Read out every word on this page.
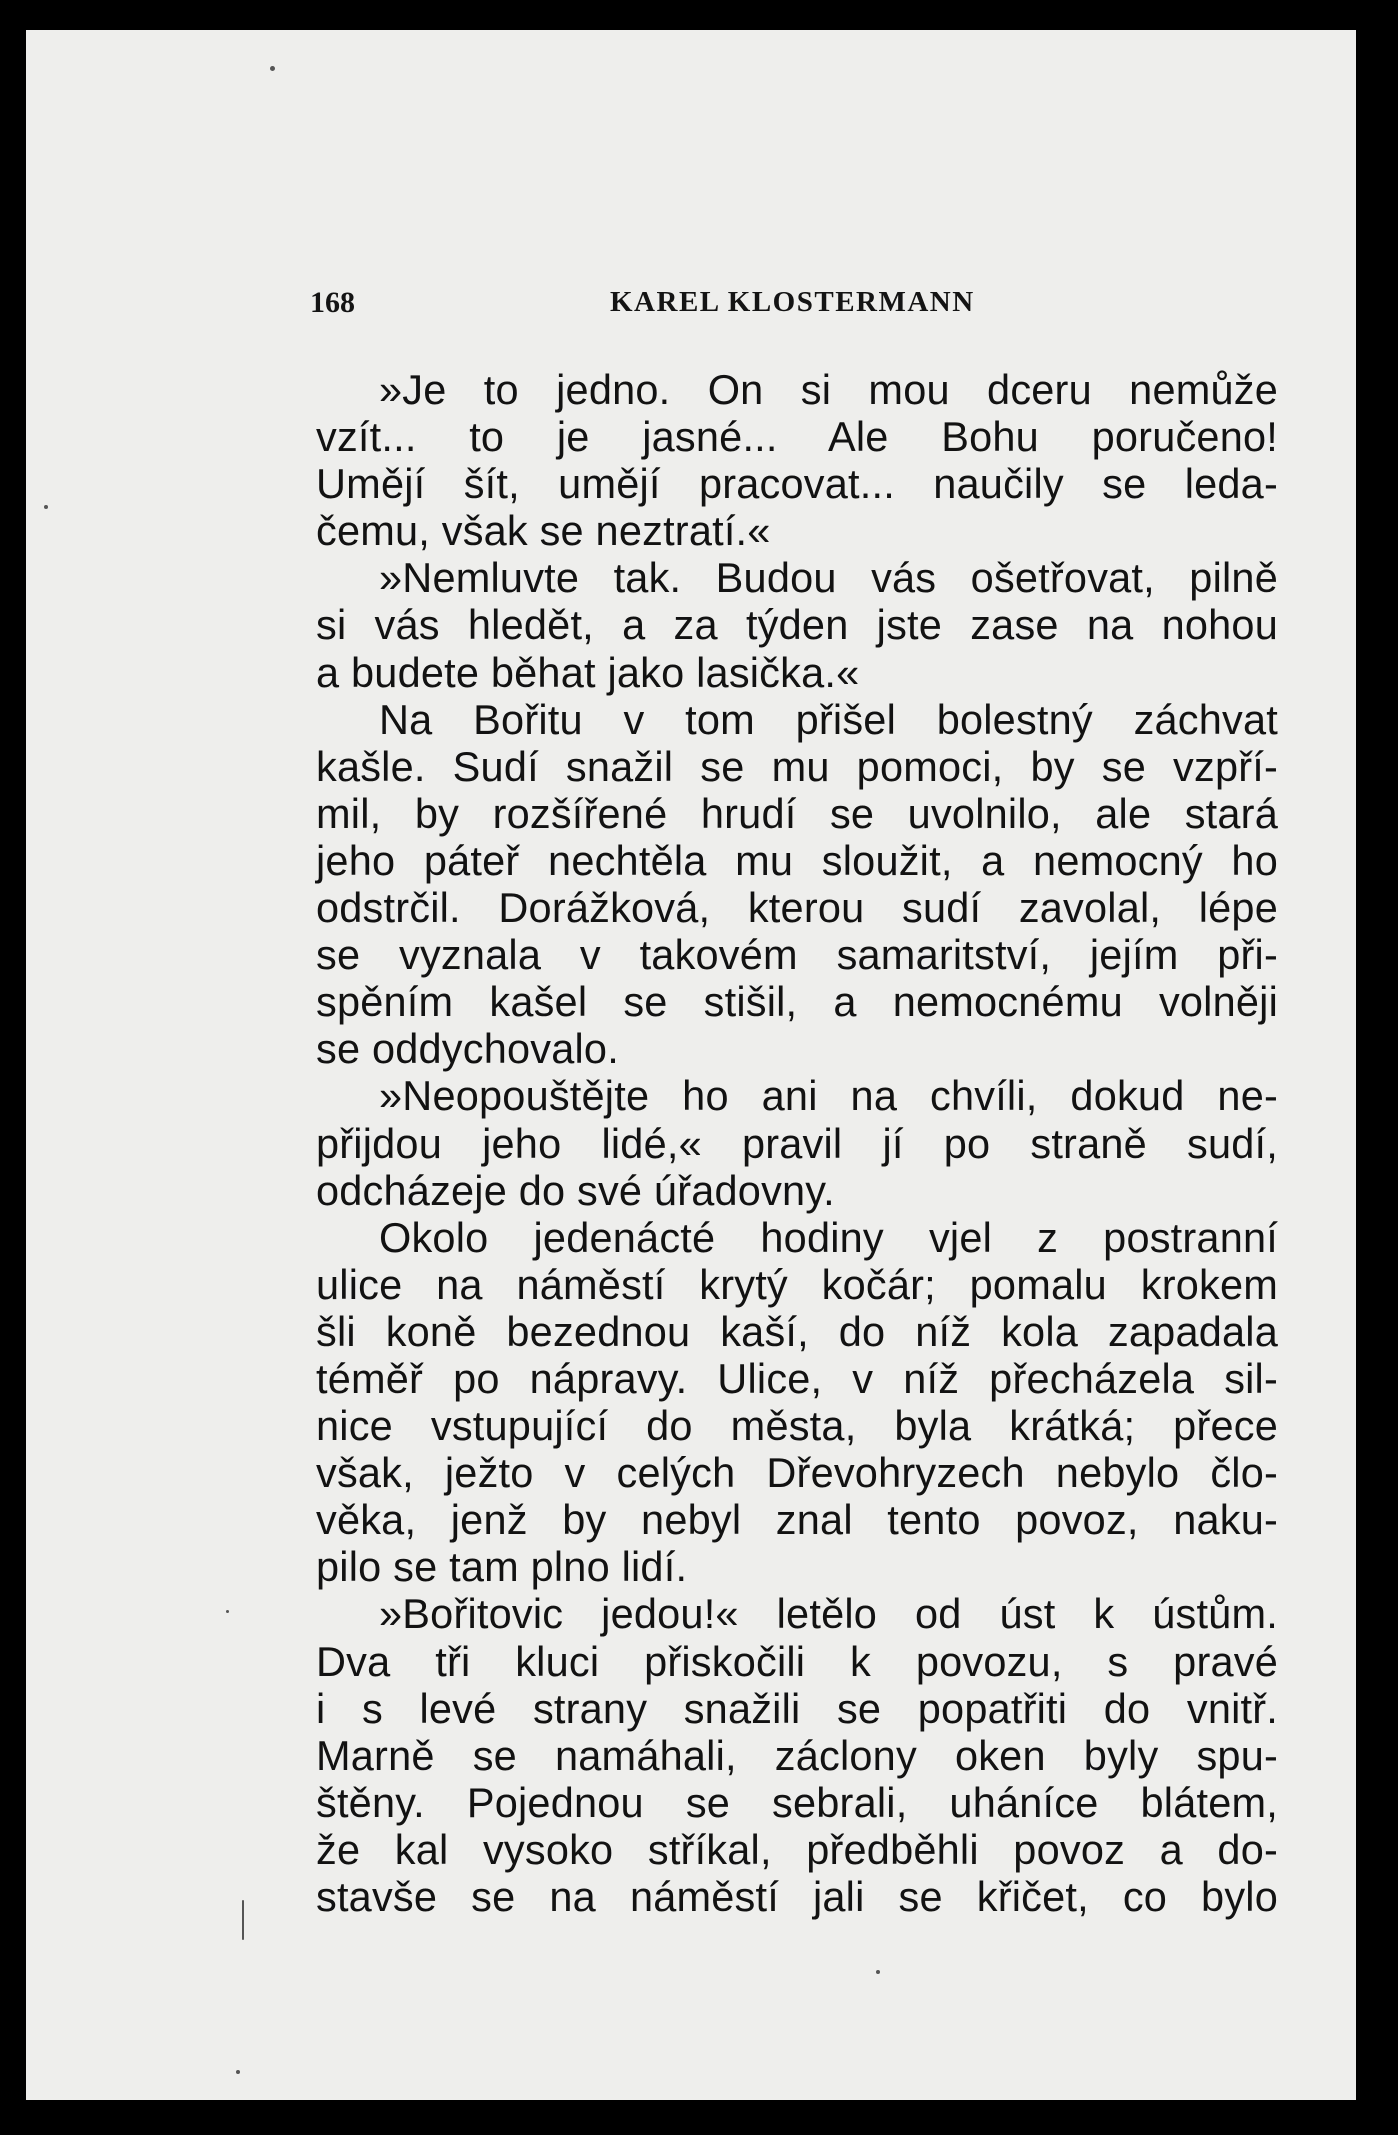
168	KAREL KLOSTERMANN
»Je to jedno. On si mou dceru nemůže
vzít... to je jasné... Ale Bohu poručeno!
Umějí šít, umějí pracovat... naučily se leda-
čemu, však se neztratí.«
»Nemluvte tak. Budou vás ošetřovat, pilně
si vás hledět, a za týden jste zase na nohou
a budete běhat jako lasička.«
Na Bořitu v tom přišel bolestný záchvat
kašle. Sudí snažil se mu pomoci, by se vzpří-
mil, by rozšířené hrudí se uvolnilo, ale stará
jeho páteř nechtěla mu sloužit, a nemocný ho
odstrčil. Dorážková, kterou sudí zavolal, lépe
se vyznala v takovém samaritství, jejím při-
spěním kašel se stišil, a nemocnému volněji
se oddychovalo.
»Neopouštějte ho ani na chvíli, dokud ne-
přijdou jeho lidé,« pravil jí po straně sudí,
odcházeje do své úřadovny.
Okolo jedenácté hodiny vjel z postranní
ulice na náměstí krytý kočár; pomalu krokem
šli koně bezednou kaší, do níž kola zapadala
téměř po nápravy. Ulice, v níž přecházela sil-
nice vstupující do města, byla krátká; přece
však, ježto v celých Dřevohryzech nebylo člo-
věka, jenž by nebyl znal tento povoz, naku-
pilo se tam plno lidí.
»Bořitovic jedou!« letělo od úst k ústům.
Dva tři kluci přiskočili k povozu, s pravé
i s levé strany snažili se popatřiti do vnitř.
Marně se namáhali, záclony oken byly spu-
štěny. Pojednou se sebrali, uháníce blátem,
že kal vysoko stříkal, předběhli povoz a do-
stavše se na náměstí jali se křičet, co bylo
